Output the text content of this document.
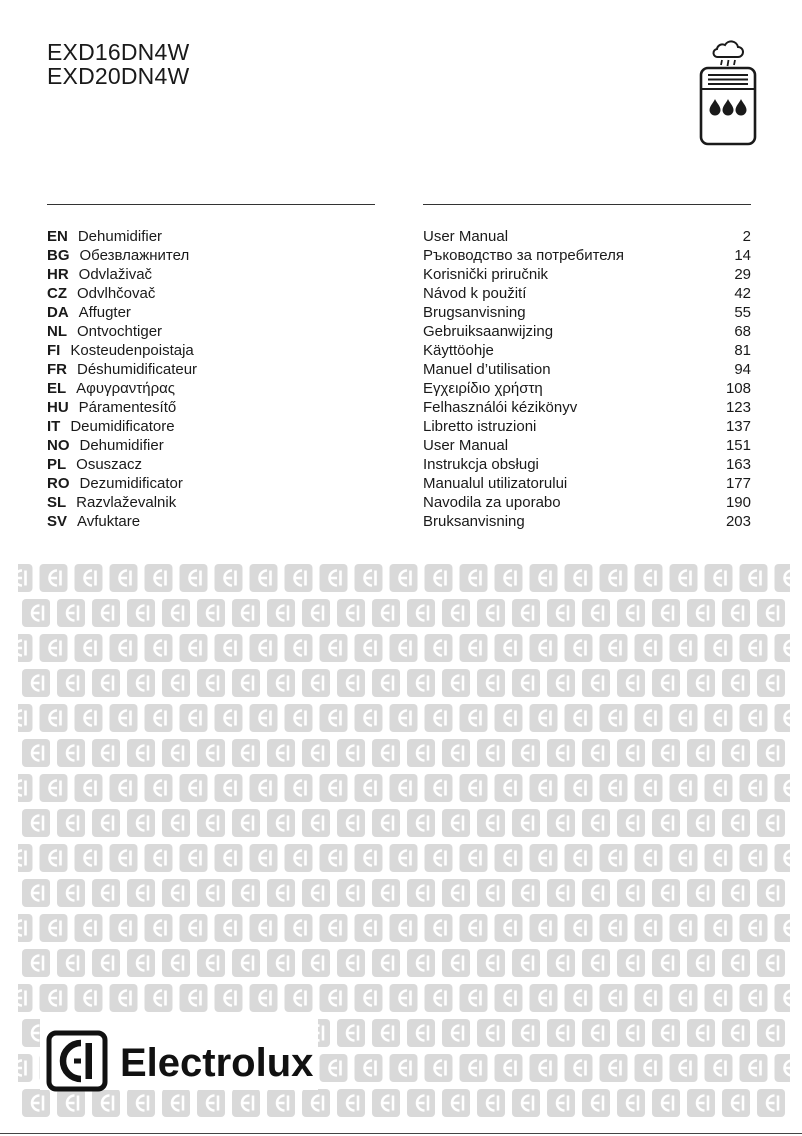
EXD16DN4W
EXD20DN4W
EN Dehumidifier
BG Обезвлажнител
HR Odvlaživač
CZ Odvlhčovač
DA Affugter
NL Ontvochtiger
FI Kosteudenpoistaja
FR Déshumidificateur
EL Αφυγραντήρας
HU Páramentesítő
IT Deumidificatore
NO Dehumidifier
PL Osuszacz
RO Dezumidificator
SL Razvlaževalnik
SV Avfuktare
User Manual	2
Ръководство за потребителя	14
Korisnički priručnik	29
Návod k použití	42
Brugsanvisning	55
Gebruiksaanwijzing	68
Käyttöohje	81
Manuel d’utilisation	94
Εγχειρίδιο χρήστη	108
Felhasználói kézikönyv	123
Libretto istruzioni	137
User Manual	151
Instrukcja obsługi	163
Manualul utilizatorului	177
Navodila za uporabo	190
Bruksanvisning	203
Electrolux
